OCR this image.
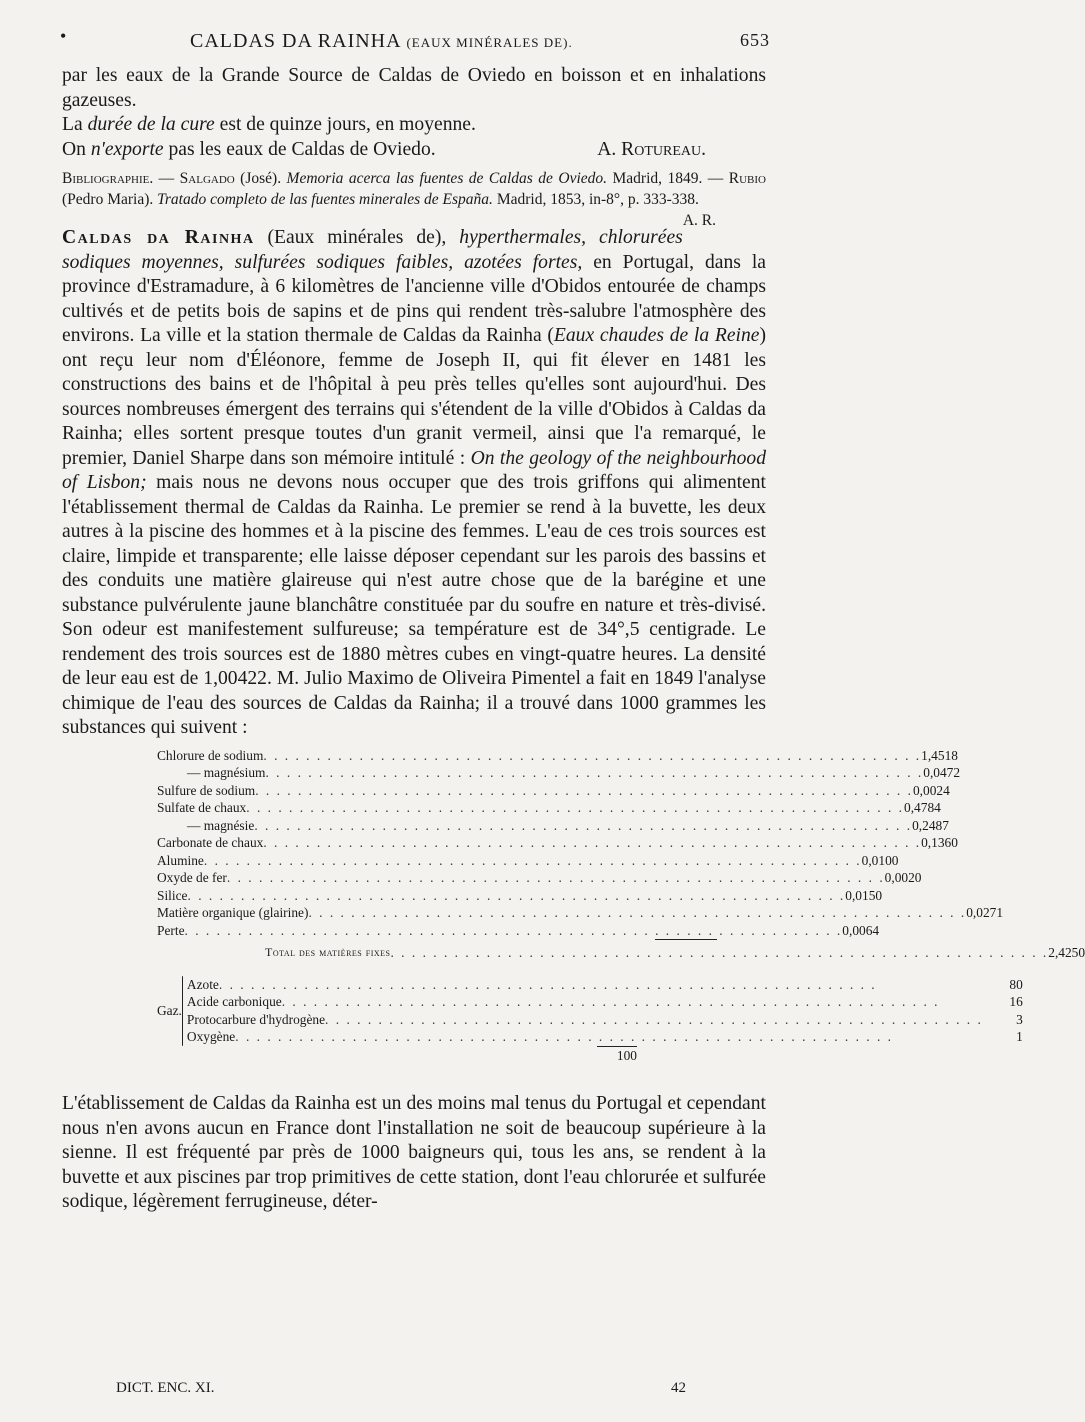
•	CALDAS DA RAINHA (EAUX MINÉRALES DE).	653

par les eaux de la Grande Source de Caldas de Oviedo en boisson et en inhalations gazeuses.

La durée de la cure est de quinze jours, en moyenne.

On n'exporte pas les eaux de Caldas de Oviedo.	A. Rotureau.

Bibliographie. — Salgado (José). Memoria acerca las fuentes de Caldas de Oviedo. Madrid, 1849. — Rubio (Pedro Maria). Tratado completo de las fuentes minerales de España. Madrid, 1853, in-8°, p. 333-338.
A. R.

Caldas da Rainha (Eaux minérales de), hyperthermales, chlorurées sodiques moyennes, sulfurées sodiques faibles, azotées fortes, en Portugal, dans la province d'Estramadure, à 6 kilomètres de l'ancienne ville d'Obidos entourée de champs cultivés et de petits bois de sapins et de pins qui rendent très-salubre l'atmosphère des environs. La ville et la station thermale de Caldas da Rainha (Eaux chaudes de la Reine) ont reçu leur nom d'Éléonore, femme de Joseph II, qui fit élever en 1481 les constructions des bains et de l'hôpital à peu près telles qu'elles sont aujourd'hui. Des sources nombreuses émergent des terrains qui s'étendent de la ville d'Obidos à Caldas da Rainha; elles sortent presque toutes d'un granit vermeil, ainsi que l'a remarqué, le premier, Daniel Sharpe dans son mémoire intitulé : On the geology of the neighbourhood of Lisbon; mais nous ne devons nous occuper que des trois griffons qui alimentent l'établissement thermal de Caldas da Rainha. Le premier se rend à la buvette, les deux autres à la piscine des hommes et à la piscine des femmes. L'eau de ces trois sources est claire, limpide et transparente; elle laisse déposer cependant sur les parois des bassins et des conduits une matière glaireuse qui n'est autre chose que de la barégine et une substance pulvérulente jaune blanchâtre constituée par du soufre en nature et très-divisé. Son odeur est manifestement sulfureuse; sa température est de 34°,5 centigrade. Le rendement des trois sources est de 1880 mètres cubes en vingt-quatre heures. La densité de leur eau est de 1,00422. M. Julio Maximo de Oliveira Pimentel a fait en 1849 l'analyse chimique de l'eau des sources de Caldas da Rainha; il a trouvé dans 1000 grammes les substances qui suivent :

Chlorure de sodium . . .	1,4518
— magnésium . . .	0,0472
Sulfure de sodium . . .	0,0024
Sulfate de chaux . . .	0,4784
— magnésie . . .	0,2487
Carbonate de chaux . . .	0,1360
Alumine . . .	0,0100
Oxyde de fer . . .	0,0020
Silice . . .	0,0150
Matière organique (glairine) . . .	0,0271
Perte . . .	0,0064
Total des matières fixes . . .	2,4250
Gaz.
Azote . . .	80
Acide carbonique . . .	16
Protocarbure d'hydrogène . . .	3
Oxygène . . .	1
100

L'établissement de Caldas da Rainha est un des moins mal tenus du Portugal et cependant nous n'en avons aucun en France dont l'installation ne soit de beaucoup supérieure à la sienne. Il est fréquenté par près de 1000 baigneurs qui, tous les ans, se rendent à la buvette et aux piscines par trop primitives de cette station, dont l'eau chlorurée et sulfurée sodique, légèrement ferrugineuse, déter-

DICT. ENC. XI.	42
